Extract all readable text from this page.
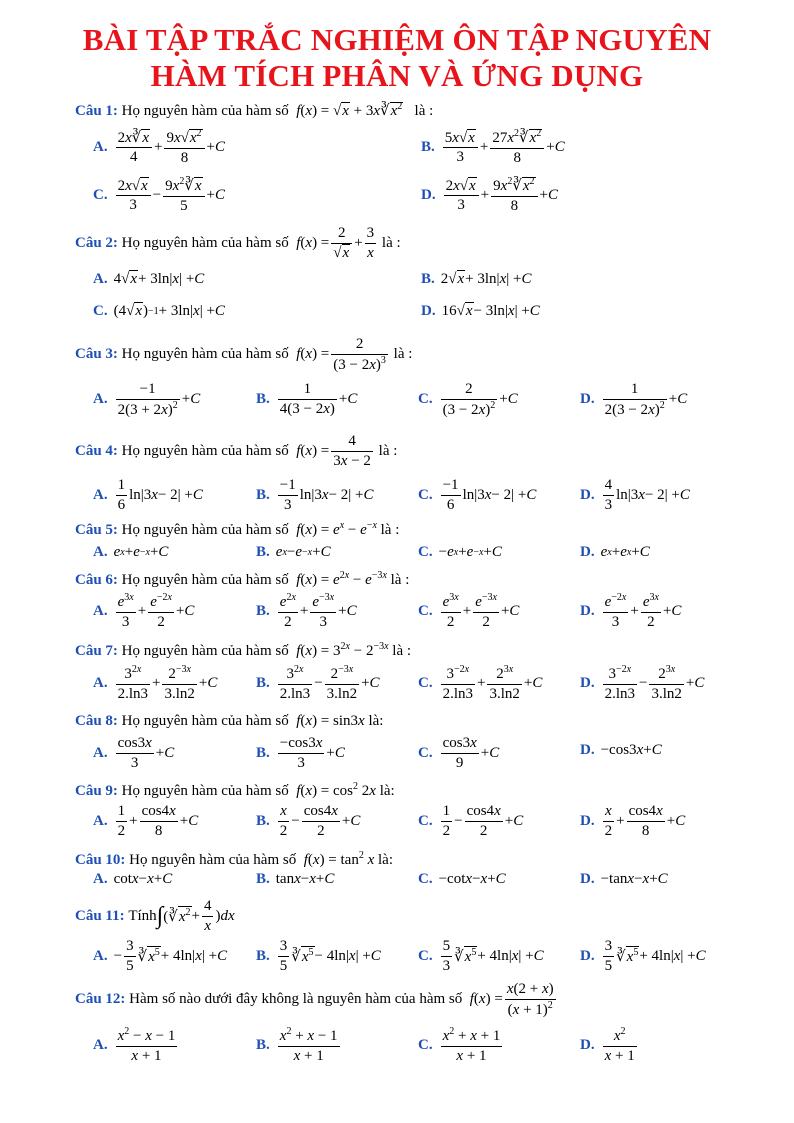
BÀI TẬP TRẮC NGHIỆM ÔN TẬP NGUYÊN
HÀM TÍCH PHÂN VÀ ỨNG DỤNG
Câu 1: Họ nguyên hàm của hàm số $f(x) = √x + 3x∛x^2$ là :
A. $\frac{2x∛x}{4} + \frac{9x√x^2}{8} + C$	B. $\frac{5x√x}{3} + \frac{27x^2∛x^2}{8} + C$
C. $\frac{2x√x}{3} - \frac{9x^2∛x}{5} + C$	D. $\frac{2x√x}{3} + \frac{9x^2∛x^2}{8} + C$
Câu 2:
Họ nguyên hàm của hàm số
f ( x ) = $\frac{2}{√x} + \frac{3}{x}$
là :
A. 4√ x + 3ln| x | + C	B. 2√ x + 3ln| x | + C
C. (4√ x ) −1 + 3ln| x | + C	D. 16√ x − 3ln| x | + C
Câu 3:
Họ nguyên hàm của hàm số
f ( x ) = $\frac{2}{(3 - 2x)^3}$
là :
A. $\frac{-1}{2(3 + 2x)^2} + C$	B. $\frac{1}{4(3 - 2x)} + C$	C. $\frac{2}{(3 - 2x)^2} + C$	D. $\frac{1}{2(3 - 2x)^2} + C$
Câu 4:
Họ nguyên hàm của hàm số
f ( x ) = $\frac{4}{3x - 2}$
là :
A. $\frac{1}{6} \ln|3$ x − 2| + C	B. $\frac{-1}{3} \ln|3$ x − 2| + C	C. $\frac{-1}{6} \ln|3$ x − 2| + C	D. $\frac{4}{3} \ln|3$ x − 2| + C
Câu 5: Họ nguyên hàm của hàm số $f(x) = e^x - e^{-x}$ là :
A. e x + e −x + C	B. e x − e −x + C	C. − e x + e −x + C	D. e x + e x + C
Câu 6: Họ nguyên hàm của hàm số $f(x) = e^{2x} - e^{-3x}$ là :
A. $\frac{e^{3x}}{3} + \frac{e^{-2x}}{2} + C$	B. $\frac{e^{2x}}{2} + \frac{e^{-3x}}{3} + C$	C. $\frac{e^{3x}}{2} + \frac{e^{-3x}}{2} + C$	D. $\frac{e^{-2x}}{3} + \frac{e^{3x}}{2} + C$
Câu 7: Họ nguyên hàm của hàm số $f(x) = 3^{2x} - 2^{-3x}$ là :
A. $\frac{3^{2x}}{2.\ln 3} + \frac{2^{-3x}}{3.\ln 2} + C$	B. $\frac{3^{2x}}{2.\ln 3} - \frac{2^{-3x}}{3.\ln 2} + C$	C. $\frac{3^{-2x}}{2.\ln 3} + \frac{2^{3x}}{3.\ln 2} + C$	D. $\frac{3^{-2x}}{2.\ln 3} - \frac{2^{3x}}{3.\ln 2} + C$
Câu 8: Họ nguyên hàm của hàm số f(x) = sin3x là:
A. $\frac{\cos 3x}{3} + C$	B. $\frac{-\cos 3x}{3} + C$	C. $\frac{\cos 3x}{9} + C$	D. −cos3 x + C
Câu 9: Họ nguyên hàm của hàm số $f(x) = \cos^2 2x$ là:
A. $\frac{1}{2} + \frac{\cos 4x}{8} + C$	B. $\frac{x}{2} - \frac{\cos 4x}{2} + C$	C. $\frac{1}{2} - \frac{\cos 4x}{2} + C$	D. $\frac{x}{2} + \frac{\cos 4x}{8} + C$
Câu 10: Họ nguyên hàm của hàm số $f(x) = \tan^2 x$ là:
A. cot x − x + C	B. tan x − x + C	C. −cot x − x + C	D. −tan x − x + C
Câu 11:
Tính ∫ (∛ $x^2 + \frac{4}{x}$ ) dx
A. − $\frac{3}{5}$ ∛ $x^5 + 4\ln|$ x | + C B. $\frac{3}{5}$ ∛ $x^5 - 4\ln|$ x | + C C. $\frac{5}{3}$ ∛ $x^5 + 4\ln|$ x | + C D. $\frac{3}{5}$ ∛ $x^5 + 4\ln|$ x | + C
Câu 12:
Hàm số nào dưới đây không là nguyên hàm của hàm số
f ( x ) = $\frac{x(2 + x)}{(x + 1)^2}$
A. $\frac{x^2 - x - 1}{x + 1}$	B. $\frac{x^2 + x - 1}{x + 1}$	C. $\frac{x^2 + x + 1}{x + 1}$	D. $\frac{x^2}{x + 1}$
